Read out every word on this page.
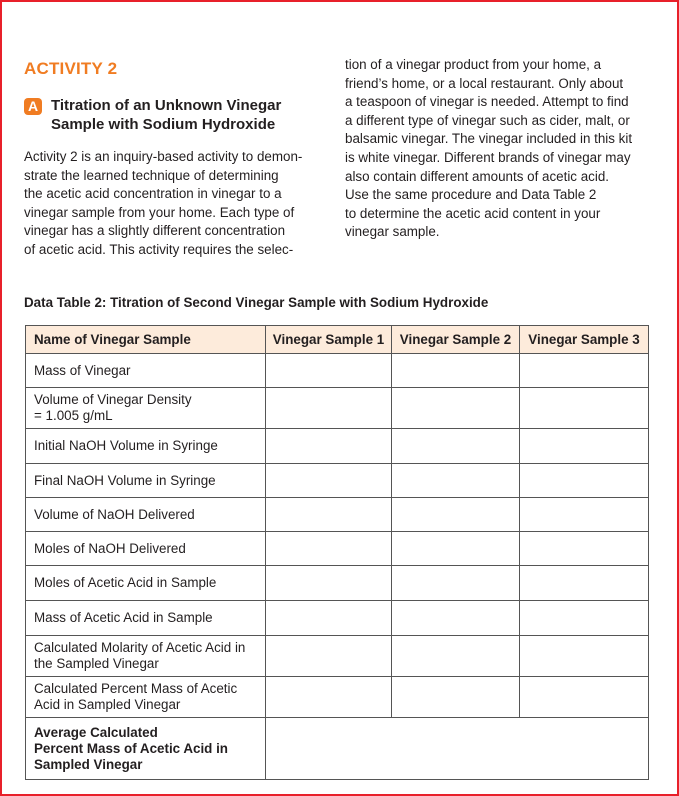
ACTIVITY 2
A Titration of an Unknown Vinegar
Sample with Sodium Hydroxide
Activity 2 is an inquiry-based activity to demon-
strate the learned technique of determining
the acetic acid concentration in vinegar to a
vinegar sample from your home. Each type of
vinegar has a slightly different concentration
of acetic acid. This activity requires the selec-
tion of a vinegar product from your home, a
friend’s home, or a local restaurant. Only about
a teaspoon of vinegar is needed. Attempt to find
a different type of vinegar such as cider, malt, or
balsamic vinegar. The vinegar included in this kit
is white vinegar. Different brands of vinegar may
also contain different amounts of acetic acid.
Use the same procedure and Data Table 2
to determine the acetic acid content in your
vinegar sample.
Data Table 2: Titration of Second Vinegar Sample with Sodium Hydroxide
Name of Vinegar Sample	Vinegar Sample 1	Vinegar Sample 2	Vinegar Sample 3

Mass of Vinegar			

Volume of Vinegar Density
= 1.005 g/mL			

Initial NaOH Volume in Syringe			

Final NaOH Volume in Syringe			

Volume of NaOH Delivered			

Moles of NaOH Delivered			

Moles of Acetic Acid in Sample			

Mass of Acetic Acid in Sample			

Calculated Molarity of Acetic Acid in
the Sampled Vinegar			

Calculated Percent Mass of Acetic
Acid in Sampled Vinegar			

Average Calculated
Percent Mass of Acetic Acid in
Sampled Vinegar			
